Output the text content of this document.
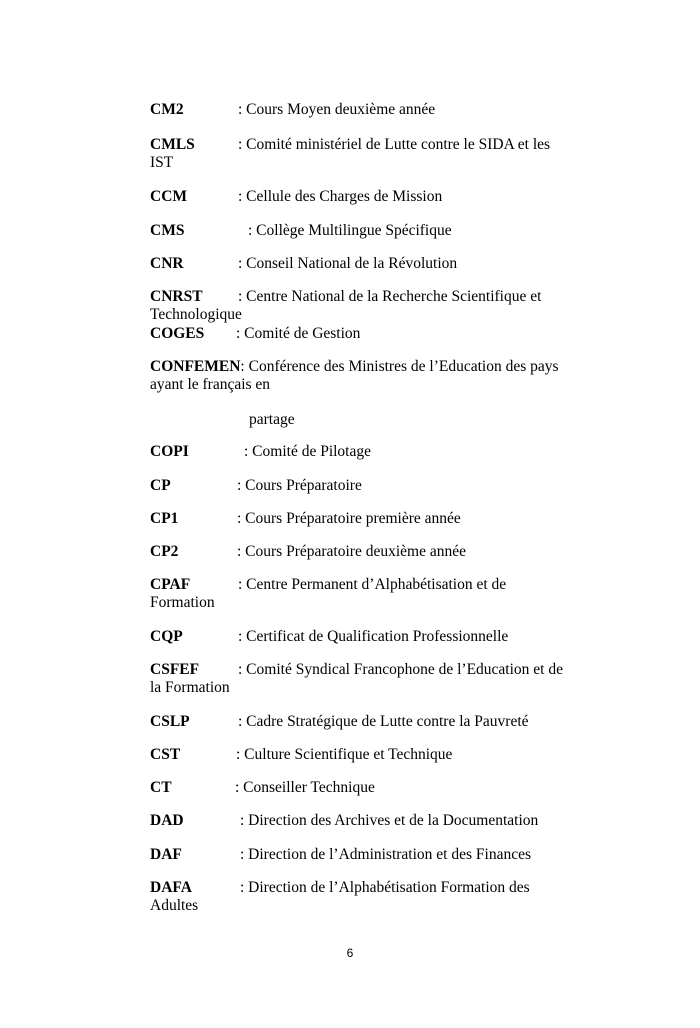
CM2	: Cours Moyen deuxième année
CMLS	: Comité ministériel de Lutte contre le SIDA et les
IST
CCM	: Cellule des Charges de Mission
CMS	: Collège Multilingue Spécifique
CNR	: Conseil National de la Révolution
CNRST : Centre National de la Recherche Scientifique et
Technologique
COGES : Comité de Gestion
CONFEMEN: Conférence des Ministres de l’Education des pays
ayant le français en
partage
COPI	: Comité de Pilotage
CP	: Cours Préparatoire
CP1	: Cours Préparatoire première année
CP2	: Cours Préparatoire deuxième année
CPAF	: Centre Permanent d’Alphabétisation et de
Formation
CQP	: Certificat de Qualification Professionnelle
CSFEF	: Comité Syndical Francophone de l’Education et de
la Formation
CSLP	: Cadre Stratégique de Lutte contre la Pauvreté
CST	: Culture Scientifique et Technique
CT	: Conseiller Technique
DAD	: Direction des Archives et de la Documentation
DAF	: Direction de l’Administration et des Finances
DAFA	: Direction de l’Alphabétisation Formation des
Adultes
6
